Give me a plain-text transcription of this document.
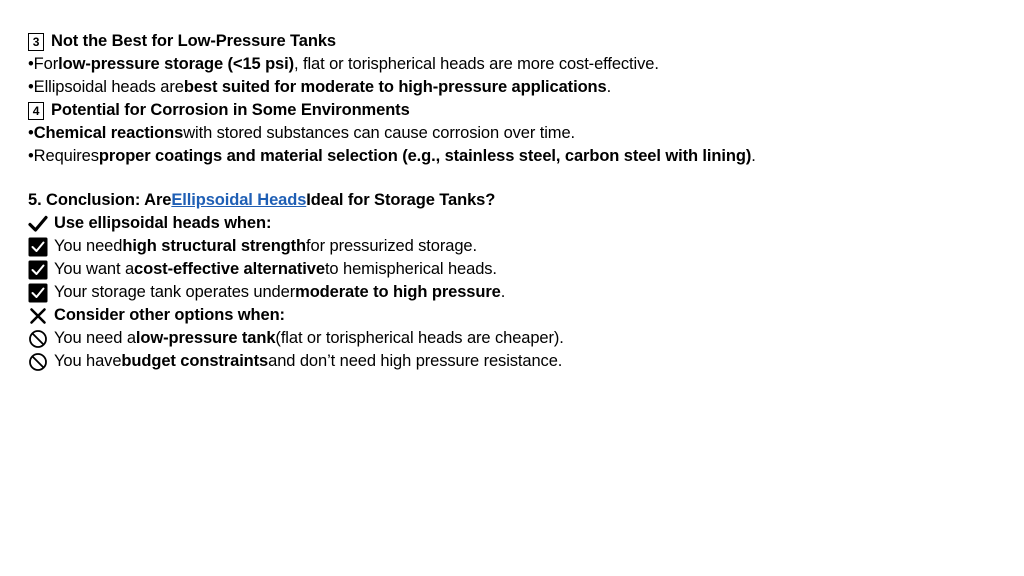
3 Not the Best for Low-Pressure Tanks
•For low-pressure storage (<15 psi) , flat or torispherical heads are more cost-effective.
•Ellipsoidal heads are best suited for moderate to high-pressure applications .
4 Potential for Corrosion in Some Environments
• Chemical reactions with stored substances can cause corrosion over time.
•Requires proper coatings and material selection (e.g., stainless steel, carbon steel with lining) .
5. Conclusion: Are Ellipsoidal Heads Ideal for Storage Tanks?
Use ellipsoidal heads when:
You need high structural strength for pressurized storage.
You want a cost-effective alternative to hemispherical heads.
Your storage tank operates under moderate to high pressure .
Consider other options when:
You need a low-pressure tank (flat or torispherical heads are cheaper).
You have budget constraints and don’t need high pressure resistance.
